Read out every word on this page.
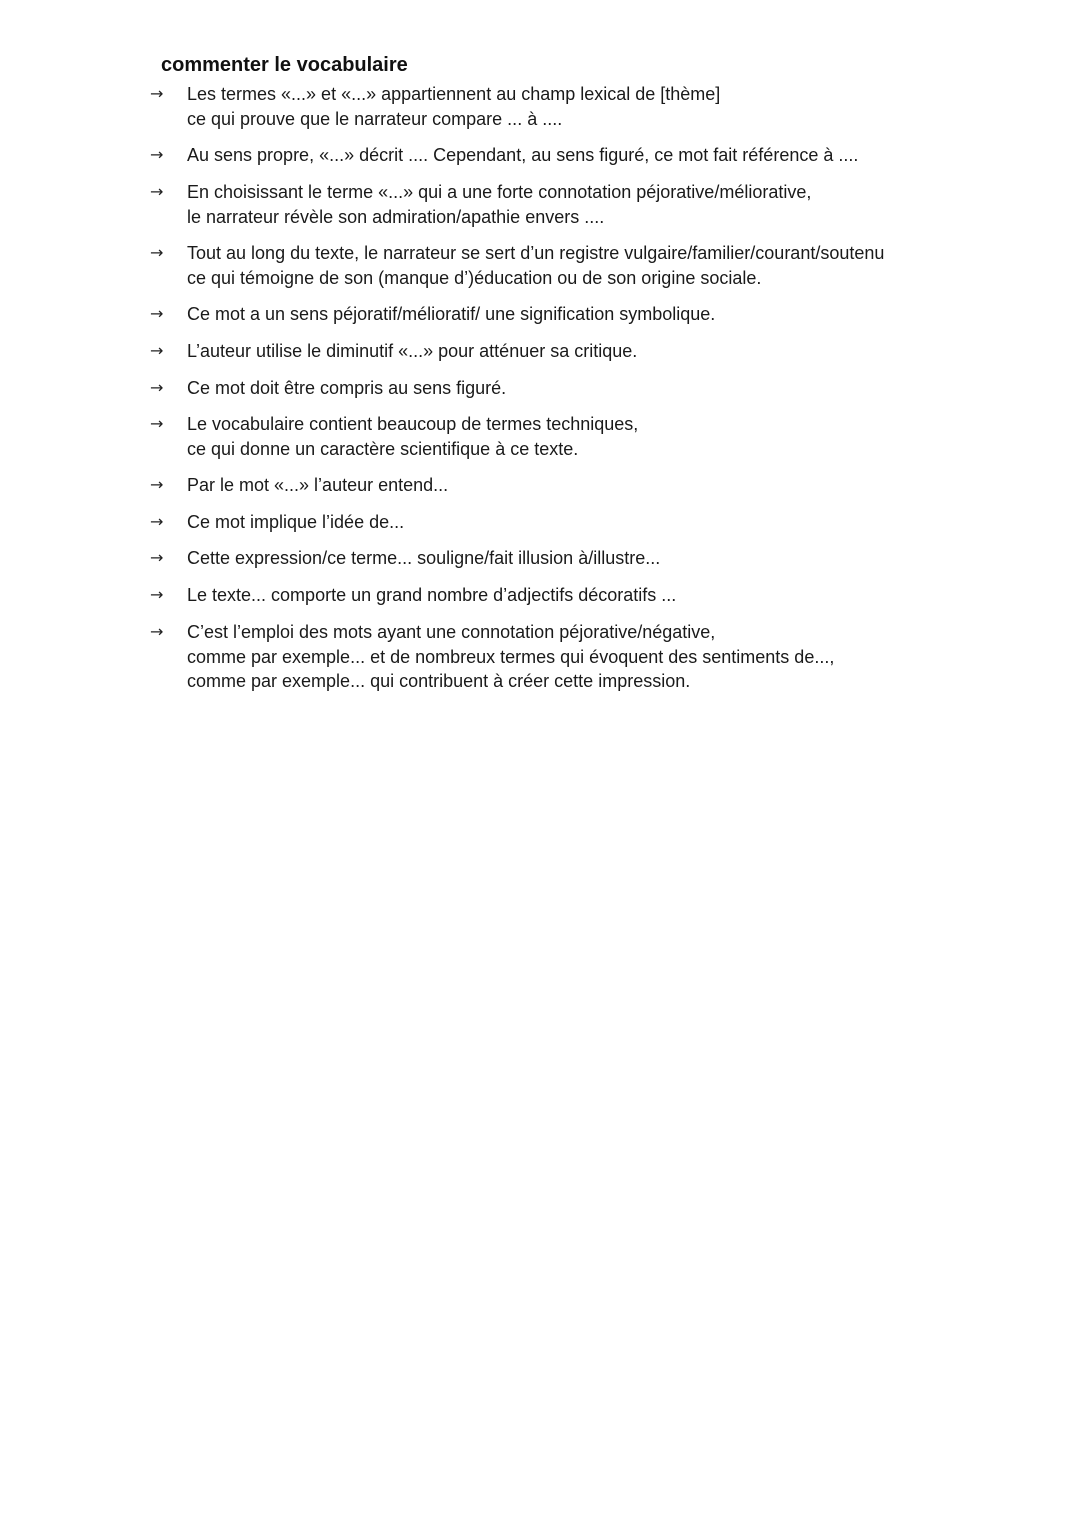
commenter le vocabulaire
→	Les termes «...» et «...» appartiennent au champ lexical de [thème]
ce qui prouve que le narrateur compare ... à ....
→	Au sens propre, «...» décrit .... Cependant, au sens figuré, ce mot fait référence à ....
→	En choisissant le terme «...» qui a une forte connotation péjorative/méliorative,
le narrateur révèle son admiration/apathie envers ....
→	Tout au long du texte, le narrateur se sert d’un registre vulgaire/familier/courant/soutenu
ce qui témoigne de son (manque d’)éducation ou de son origine sociale.
→	Ce mot a un sens péjoratif/mélioratif/ une signification symbolique.
→	L’auteur utilise le diminutif «...» pour atténuer sa critique.
→	Ce mot doit être compris au sens figuré.
→	Le vocabulaire contient beaucoup de termes techniques,
ce qui donne un caractère scientifique à ce texte.
→	Par le mot «...» l’auteur entend...
→	Ce mot implique l’idée de...
→	Cette expression/ce terme... souligne/fait illusion à/illustre...
→	Le texte... comporte un grand nombre d’adjectifs décoratifs ...
→	C’est l’emploi des mots ayant une connotation péjorative/négative,
comme par exemple... et de nombreux termes qui évoquent des sentiments de...,
comme par exemple... qui contribuent à créer cette impression.
